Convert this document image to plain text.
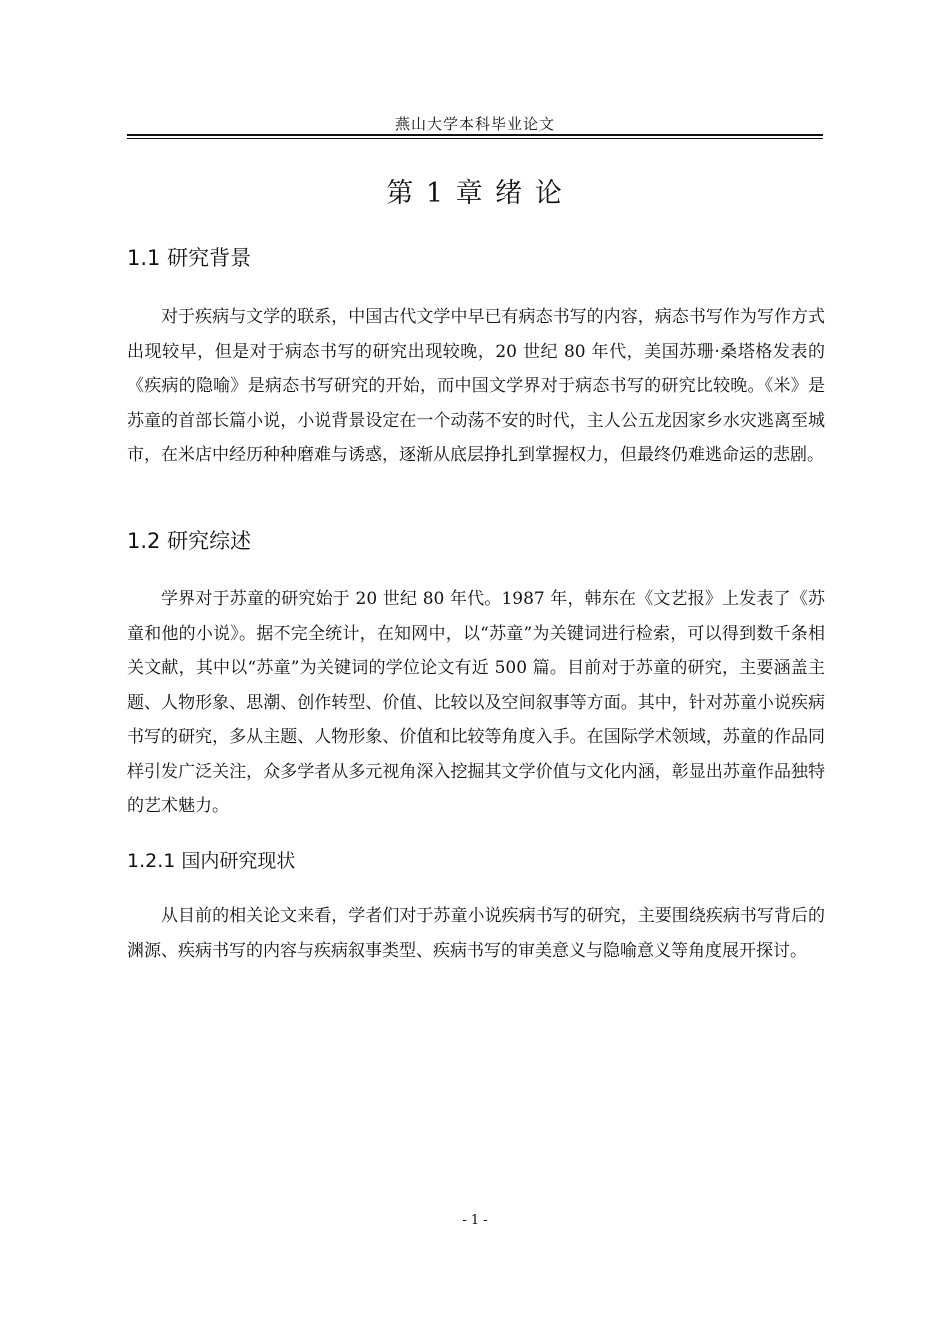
燕山大学本科毕业论文
第 1 章 绪 论
1.1 研究背景

对于疾病与文学的联系，中国古代文学中早已有病态书写的内容，病态书写作为写作方式出现较早，但是对于病态书写的研究出现较晚，20 世纪 80 年代，美国苏珊·桑塔格发表的《疾病的隐喻》是病态书写研究的开始，而中国文学界对于病态书写的研究比较晚。《米》是苏童的首部长篇小说，小说背景设定在一个动荡不安的时代，主人公五龙因家乡水灾逃离至城市，在米店中经历种种磨难与诱惑，逐渐从底层挣扎到掌握权力，但最终仍难逃命运的悲剧。

1.2 研究综述

学界对于苏童的研究始于 20 世纪 80 年代。1987 年，韩东在《文艺报》上发表了《苏童和他的小说》。据不完全统计，在知网中，以“苏童”为关键词进行检索，可以得到数千条相关文献，其中以“苏童”为关键词的学位论文有近 500 篇。目前对于苏童的研究，主要涵盖主题、人物形象、思潮、创作转型、价值、比较以及空间叙事等方面。其中，针对苏童小说疾病书写的研究，多从主题、人物形象、价值和比较等角度入手。在国际学术领域，苏童的作品同样引发广泛关注，众多学者从多元视角深入挖掘其文学价值与文化内涵，彰显出苏童作品独特的艺术魅力。

1.2.1 国内研究现状

从目前的相关论文来看，学者们对于苏童小说疾病书写的研究，主要围绕疾病书写背后的渊源、疾病书写的内容与疾病叙事类型、疾病书写的审美意义与隐喻意义等角度展开探讨。

- 1 -
